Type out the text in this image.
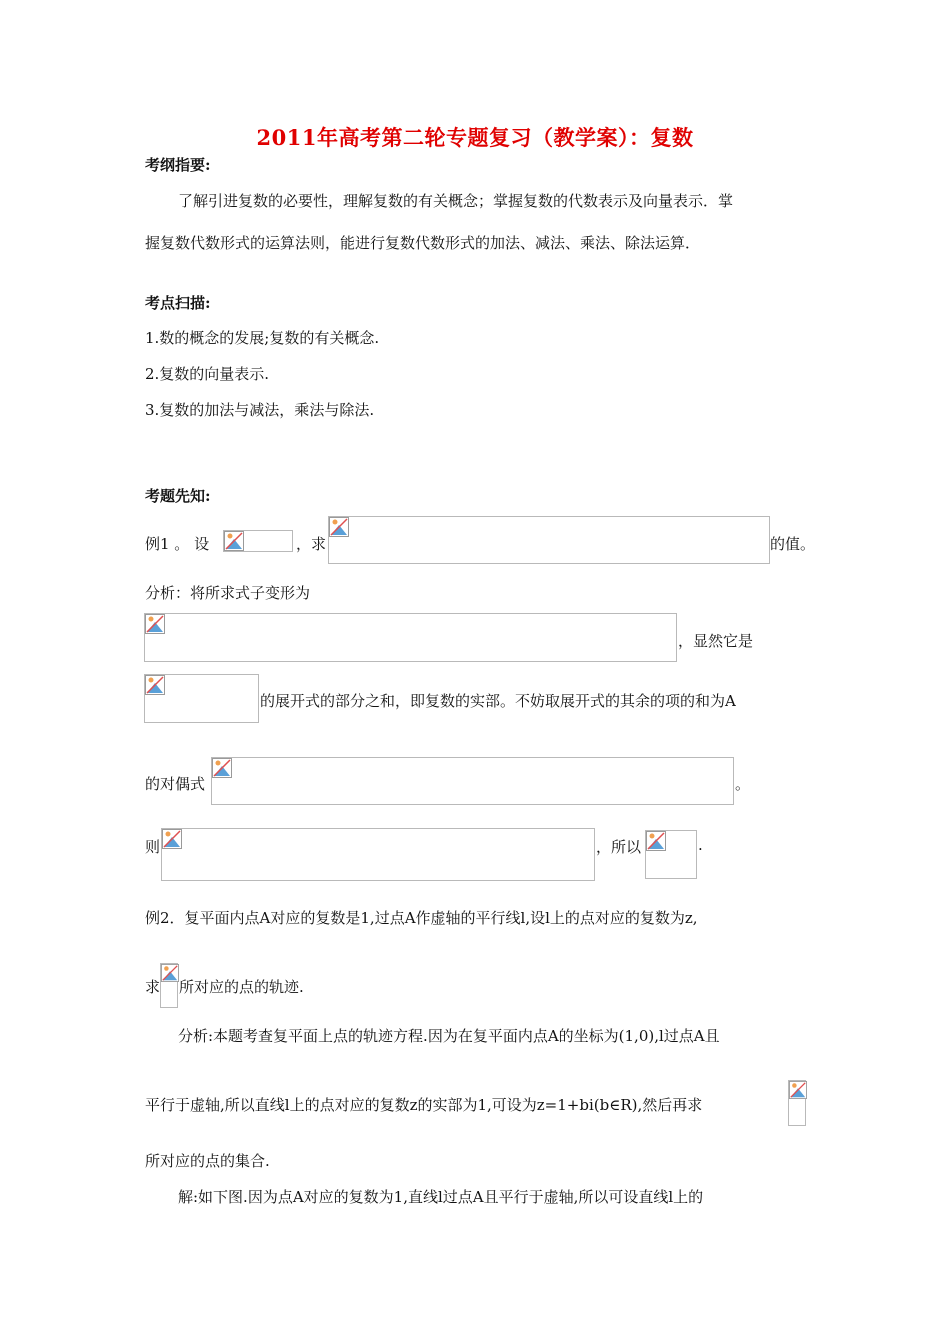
2011年高考第二轮专题复习（教学案）：复数
考纲指要:
了解引进复数的必要性，理解复数的有关概念；掌握复数的代数表示及向量表示．掌
握复数代数形式的运算法则，能进行复数代数形式的加法、减法、乘法、除法运算．
考点扫描:
1.数的概念的发展;复数的有关概念.
2.复数的向量表示.
3.复数的加法与减法，乘法与除法.
考题先知:
例1 。 设	，求	的值。
分析：将所求式子变形为
，显然它是
的展开式的部分之和，即复数的实部。不妨取展开式的其余的项的和为A
的对偶式	。
则	，所以	.
例2．复平面内点A对应的复数是1,过点A作虚轴的平行线l,设l上的点对应的复数为z,
求 所对应的点的轨迹.
分析:本题考查复平面上点的轨迹方程.因为在复平面内点A的坐标为(1,0),l过点A且
平行于虚轴,所以直线l上的点对应的复数z的实部为1,可设为z=1+bi(b∈R),然后再求
所对应的点的集合.
解:如下图.因为点A对应的复数为1,直线l过点A且平行于虚轴,所以可设直线l上的
